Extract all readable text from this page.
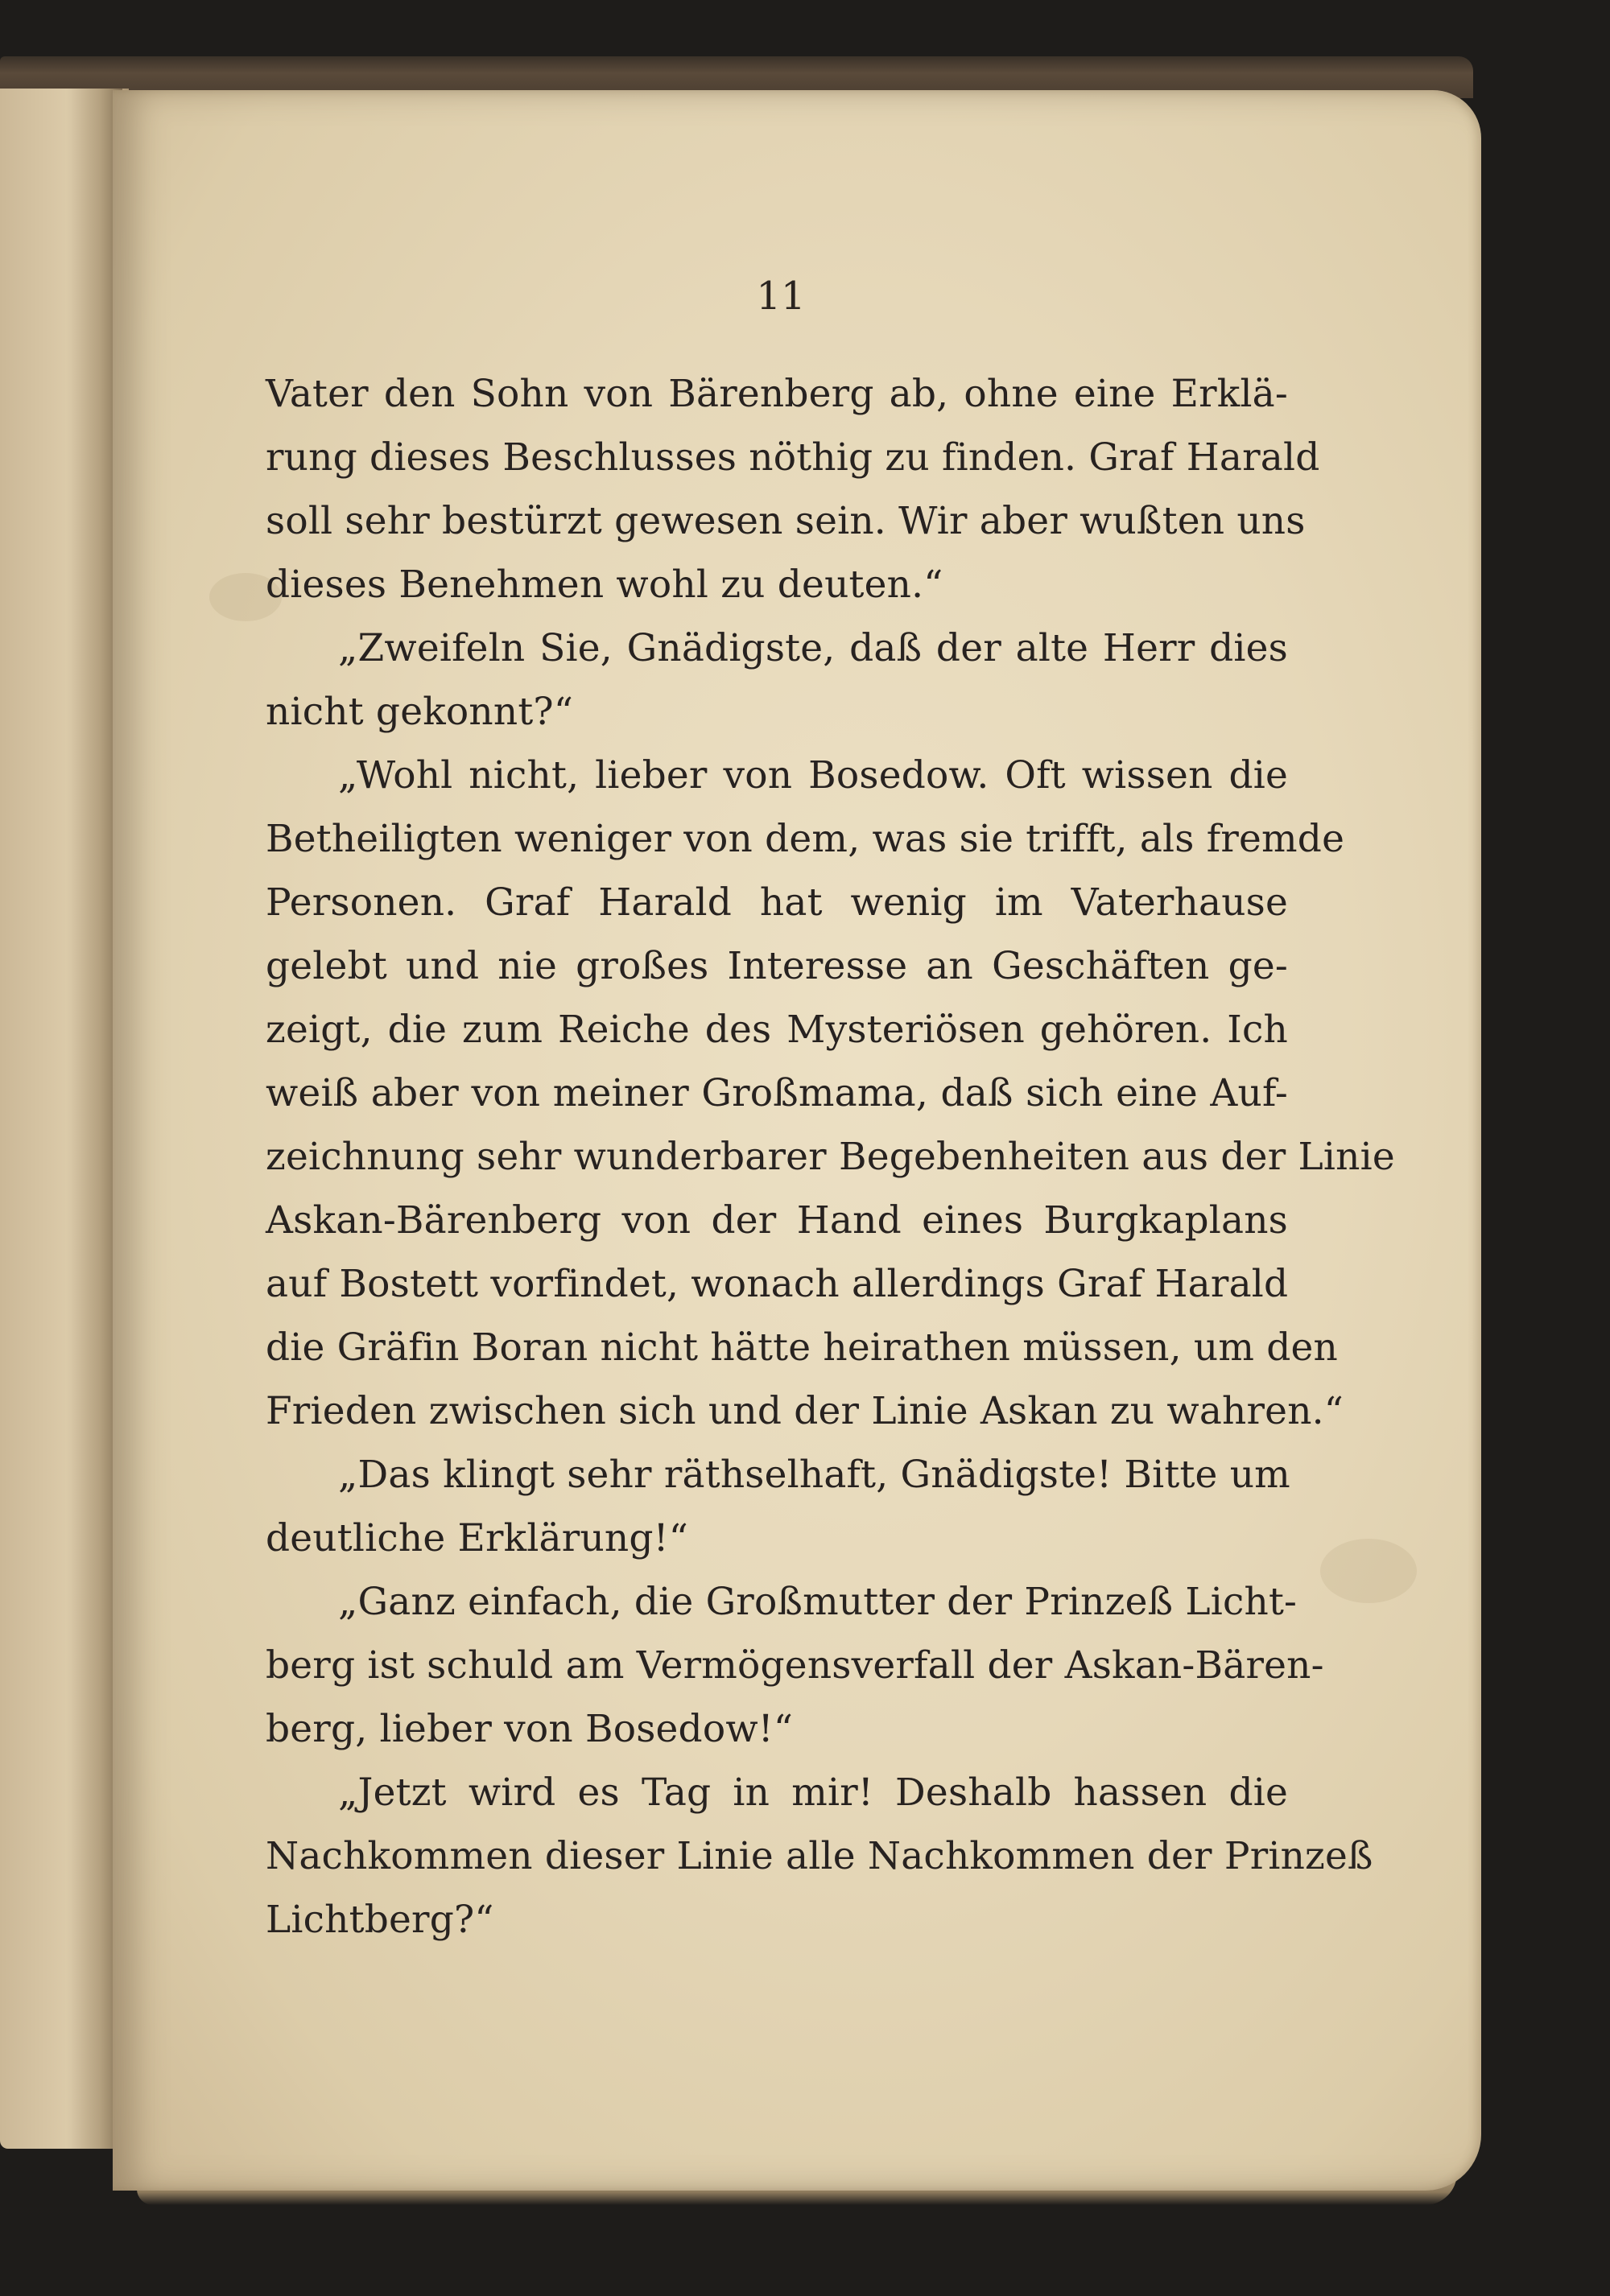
11
Vater den Sohn von Bärenberg ab, ohne eine Erklä-
rung dieses Beschlusses nöthig zu finden. Graf Harald
soll sehr bestürzt gewesen sein. Wir aber wußten uns
dieses Benehmen wohl zu deuten.“
„Zweifeln Sie, Gnädigste, daß der alte Herr dies
nicht gekonnt?“
„Wohl nicht, lieber von Bosedow. Oft wissen die
Betheiligten weniger von dem, was sie trifft, als fremde
Personen. Graf Harald hat wenig im Vaterhause
gelebt und nie großes Interesse an Geschäften ge-
zeigt, die zum Reiche des Mysteriösen gehören. Ich
weiß aber von meiner Großmama, daß sich eine Auf-
zeichnung sehr wunderbarer Begebenheiten aus der Linie
Askan-Bärenberg von der Hand eines Burgkaplans
auf Bostett vorfindet, wonach allerdings Graf Harald
die Gräfin Boran nicht hätte heirathen müssen, um den
Frieden zwischen sich und der Linie Askan zu wahren.“
„Das klingt sehr räthselhaft, Gnädigste! Bitte um
deutliche Erklärung!“
„Ganz einfach, die Großmutter der Prinzeß Licht-
berg ist schuld am Vermögensverfall der Askan-Bären-
berg, lieber von Bosedow!“
„Jetzt wird es Tag in mir! Deshalb hassen die
Nachkommen dieser Linie alle Nachkommen der Prinzeß
Lichtberg?“
